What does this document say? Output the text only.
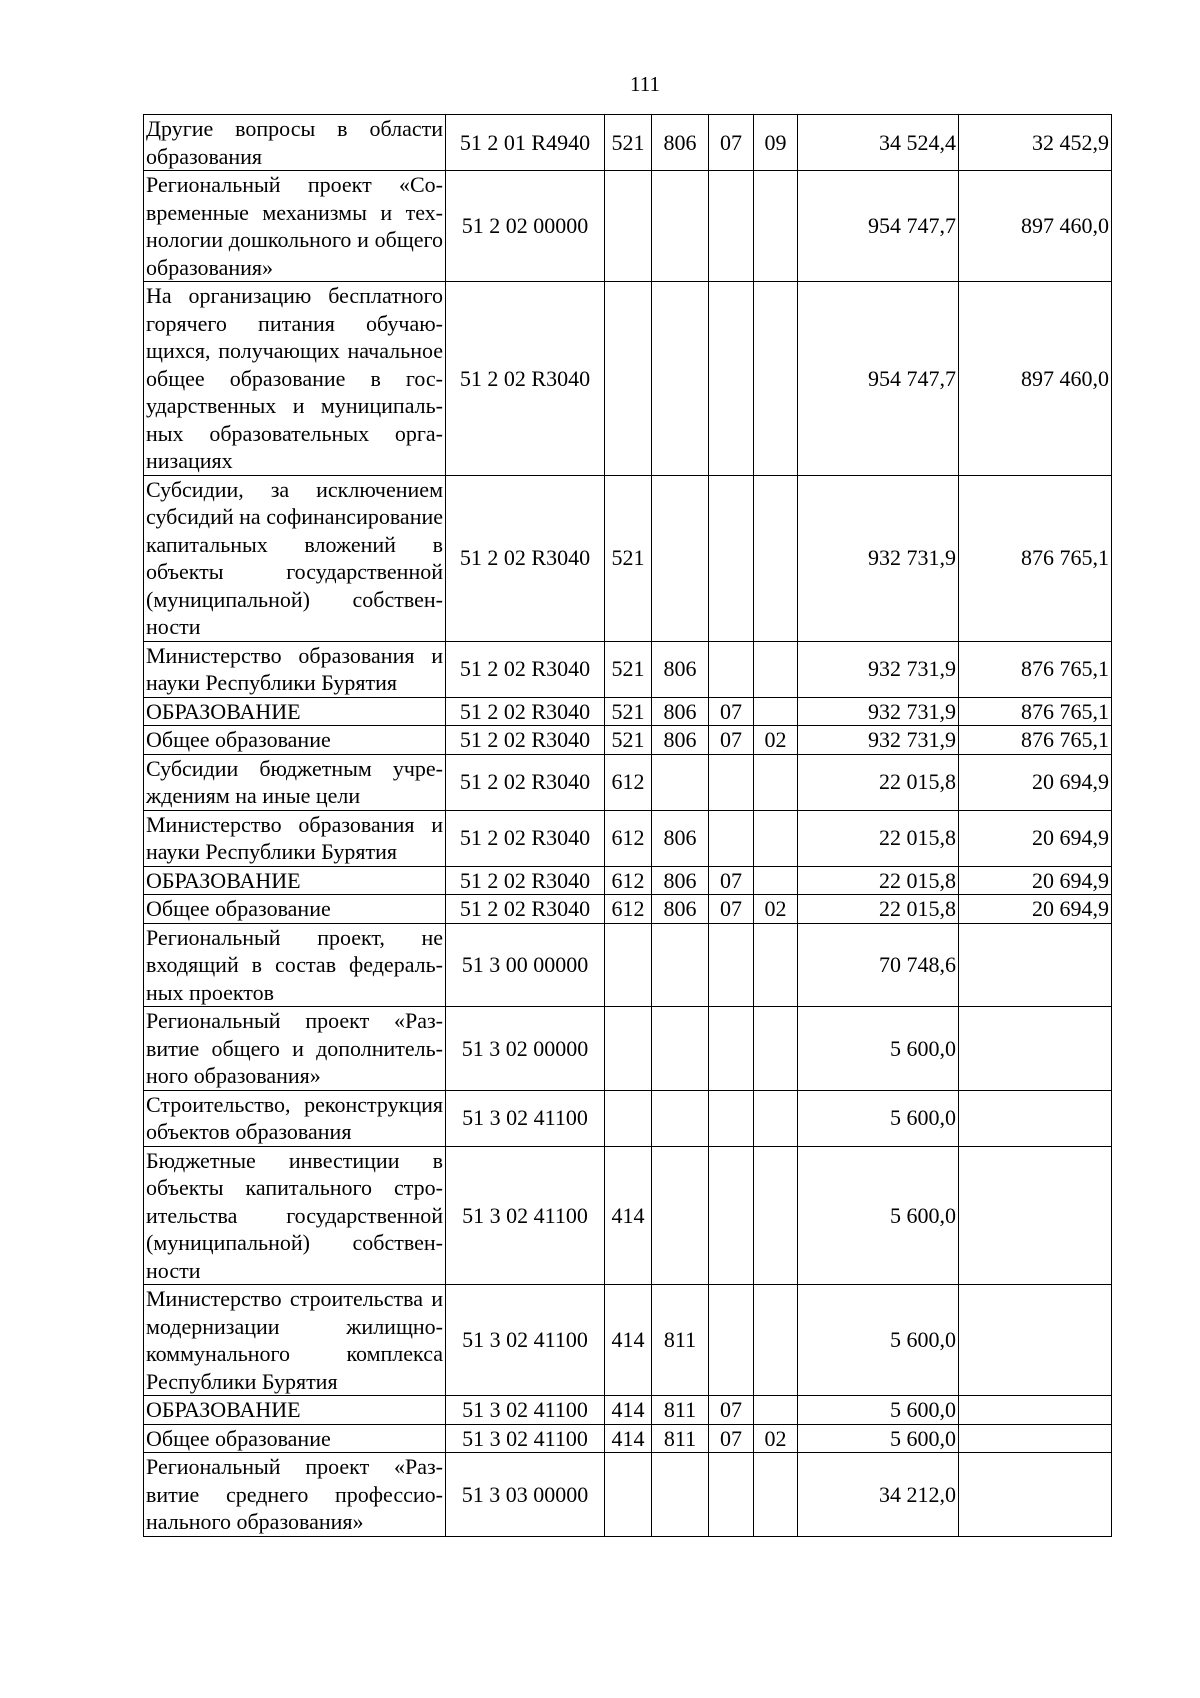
111
Другие вопросы в области образования	51 2 01 R4940	521	806	07	09	34 524,4	32 452,9
Региональный проект «Современные механизмы и технологии дошкольного и общего образования»	51 2 02 00000					954 747,7	897 460,0
На организацию бесплатного горячего питания обучающихся, получающих начальное общее образование в государственных и муниципальных образовательных организациях	51 2 02 R3040					954 747,7	897 460,0
Субсидии, за исключением субсидий на софинансирование капитальных вложений в объекты государственной (муниципальной) собственности	51 2 02 R3040	521				932 731,9	876 765,1
Министерство образования и науки Республики Бурятия	51 2 02 R3040	521	806			932 731,9	876 765,1
ОБРАЗОВАНИЕ	51 2 02 R3040	521	806	07		932 731,9	876 765,1
Общее образование	51 2 02 R3040	521	806	07	02	932 731,9	876 765,1
Субсидии бюджетным учреждениям на иные цели	51 2 02 R3040	612				22 015,8	20 694,9
Министерство образования и науки Республики Бурятия	51 2 02 R3040	612	806			22 015,8	20 694,9
ОБРАЗОВАНИЕ	51 2 02 R3040	612	806	07		22 015,8	20 694,9
Общее образование	51 2 02 R3040	612	806	07	02	22 015,8	20 694,9
Региональный проект, не входящий в состав федеральных проектов	51 3 00 00000					70 748,6	
Региональный проект «Развитие общего и дополнительного образования»	51 3 02 00000					5 600,0	
Строительство, реконструкция объектов образования	51 3 02 41100					5 600,0	
Бюджетные инвестиции в объекты капитального строительства государственной (муниципальной) собственности	51 3 02 41100	414				5 600,0	
Министерство строительства и модернизации жилищно-коммунального комплекса Республики Бурятия	51 3 02 41100	414	811			5 600,0	
ОБРАЗОВАНИЕ	51 3 02 41100	414	811	07		5 600,0	
Общее образование	51 3 02 41100	414	811	07	02	5 600,0	
Региональный проект «Развитие среднего профессионального образования»	51 3 03 00000					34 212,0	
